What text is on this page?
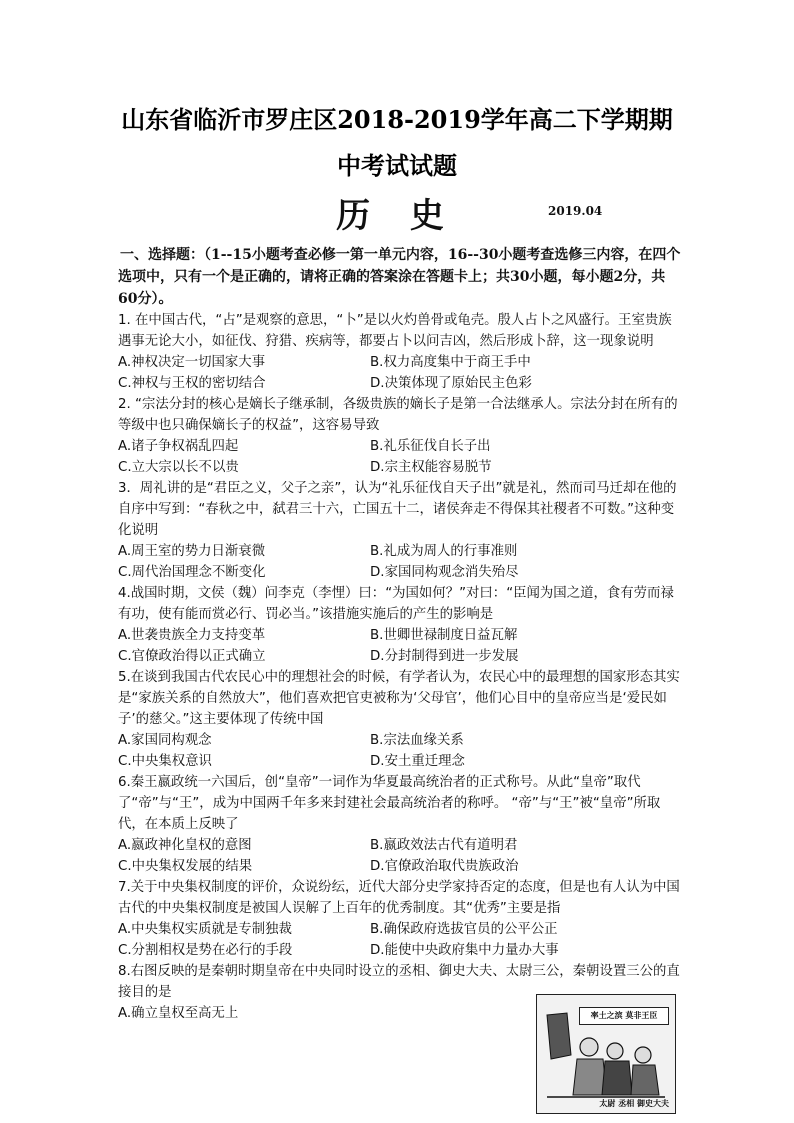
山东省临沂市罗庄区2018-2019学年高二下学期期
中考试试题
历 史	2019.04

一、选择题：（1--15小题考查必修一第一单元内容，16--30小题考查选修三内容，在四个选项中，只有一个是正确的，请将正确的答案涂在答题卡上；共30小题，每小题2分，共60分）。

1. 在中国古代，“占”是观察的意思，“卜”是以火灼兽骨或龟壳。殷人占卜之风盛行。王室贵族遇事无论大小，如征伐、狩猎、疾病等，都要占卜以问吉凶，然后形成卜辞，这一现象说明

A.神权决定一切国家大事	B.权力高度集中于商王手中
C.神权与王权的密切结合	D.决策体现了原始民主色彩

2. “宗法分封的核心是嫡长子继承制，各级贵族的嫡长子是第一合法继承人。宗法分封在所有的等级中也只确保嫡长子的权益”，这容易导致

A.诸子争权祸乱四起	B.礼乐征伐自长子出
C.立大宗以长不以贵	D.宗主权能容易脱节

3．周礼讲的是“君臣之义，父子之亲”，认为“礼乐征伐自天子出”就是礼，然而司马迁却在他的自序中写到：“春秋之中，弑君三十六，亡国五十二，诸侯奔走不得保其社稷者不可数。”这种变化说明

A.周王室的势力日渐衰微	B.礼成为周人的行事准则
C.周代治国理念不断变化	D.家国同构观念消失殆尽

4.战国时期，文侯（魏）问李克（李悝）曰：“为国如何？”对曰：“臣闻为国之道，食有劳而禄有功，使有能而赏必行、罚必当。”该措施实施后的产生的影响是

A.世袭贵族全力支持变革	B.世卿世禄制度日益瓦解
C.官僚政治得以正式确立	D.分封制得到进一步发展

5.在谈到我国古代农民心中的理想社会的时候，有学者认为，农民心中的最理想的国家形态其实是“家族关系的自然放大”，他们喜欢把官吏被称为‘父母官’，他们心目中的皇帝应当是‘爱民如子’的慈父。”这主要体现了传统中国

A.家国同构观念	B.宗法血缘关系
C.中央集权意识	D.安土重迁理念

6.秦王嬴政统一六国后，创“皇帝”一词作为华夏最高统治者的正式称号。从此“皇帝”取代了“帝”与“王”，成为中国两千年多来封建社会最高统治者的称呼。 “帝”与“王”被“皇帝”所取代，在本质上反映了

A.嬴政神化皇权的意图	B.嬴政效法古代有道明君
C.中央集权发展的结果	D.官僚政治取代贵族政治

7.关于中央集权制度的评价，众说纷纭，近代大部分史学家持否定的态度，但是也有人认为中国古代的中央集权制度是被国人误解了上百年的优秀制度。其“优秀”主要是指

A.中央集权实质就是专制独裁	B.确保政府选拔官员的公平公正
C.分割相权是势在必行的手段	D.能使中央政府集中力量办大事

8.右图反映的是秦朝时期皇帝在中央同时设立的丞相、御史大夫、太尉三公，秦朝设置三公的直接目的是

A.确立皇权至高无上	率土之滨 莫非王臣
太尉 丞相 御史大夫
